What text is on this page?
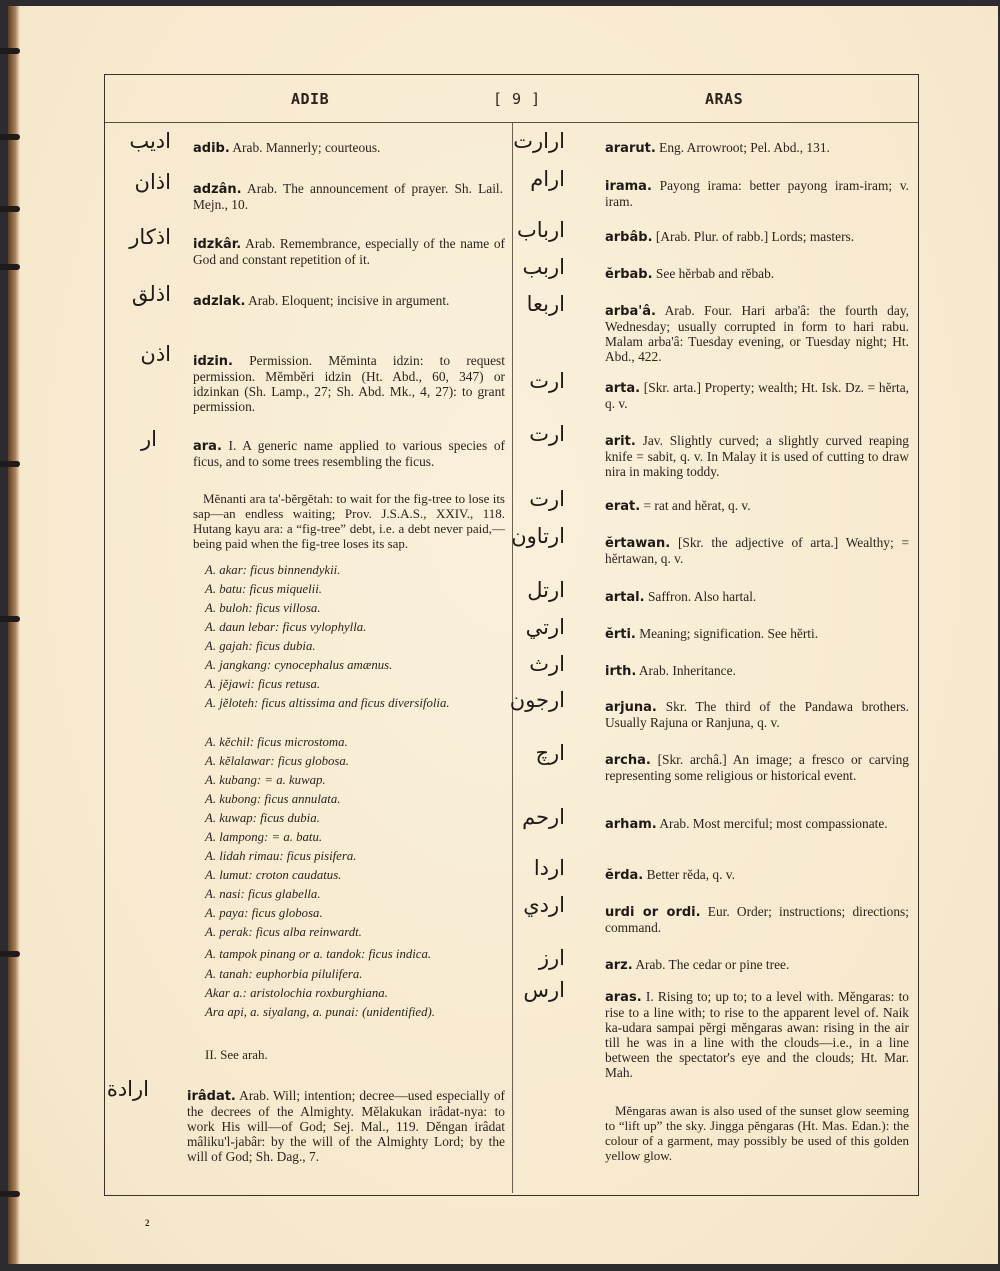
ADIB	[ 9 ]	ARAS
اديب adib. Arab. Mannerly; courteous.
اذان adzân. Arab. The announcement of prayer. Sh. Lail. Mejn., 10.
اذكار idzkâr. Arab. Remembrance, especially of the name of God and constant repetition of it.
اذلق adzlak. Arab. Eloquent; incisive in argument.
اذن idzin. Permission. Mĕminta idzin: to request permission. Mĕmbĕri idzin (Ht. Abd., 60, 347) or idzinkan (Sh. Lamp., 27; Sh. Abd. Mk., 4, 27): to grant permission.
ار	ara. I. A generic name applied to various species of ficus, and to some trees resembling the ficus.
Mĕnanti ara ta'-bĕrgĕtah: to wait for the fig-tree to lose its sap—an endless waiting; Prov. J.S.A.S., XXIV., 118. Hutang kayu ara: a “fig-tree” debt, i.e. a debt never paid,—being paid when the fig-tree loses its sap.
A. akar: ficus binnendykii.
A. batu: ficus miquelii.
A. buloh: ficus villosa.
A. daun lebar: ficus vylophylla.
A. gajah: ficus dubia.
A. jangkang: cynocephalus amænus.
A. jĕjawi: ficus retusa.
A. jĕloteh: ficus altissima and ficus diversifolia.
A. kĕchil: ficus microstoma.
A. kĕlalawar: ficus globosa.
A. kubang: = a. kuwap.
A. kubong: ficus annulata.
A. kuwap: ficus dubia.
A. lampong: = a. batu.
A. lidah rimau: ficus pisifera.
A. lumut: croton caudatus.
A. nasi: ficus glabella.
A. paya: ficus globosa.
A. perak: ficus alba reinwardt.
A. tampok pinang or a. tandok: ficus indica.
A. tanah: euphorbia pilulifera.
Akar a.: aristolochia roxburghiana.
Ara api, a. siyalang, a. punai: (unidentified).
II. See arah.
ارادة	irâdat. Arab. Will; intention; decree—used especially of the decrees of the Almighty. Mĕlakukan irâdat-nya: to work His will—of God; Sej. Mal., 119. Dĕngan irâdat mâliku'l-jabâr: by the will of the Almighty Lord; by the will of God; Sh. Dag., 7.
ارارت	ararut. Eng. Arrowroot; Pel. Abd., 131.
ارام	irama. Payong irama: better payong iram-iram; v. iram.
ارباب	arbâb. [Arab. Plur. of rabb.] Lords; masters.
اربب	ĕrbab. See hĕrbab and rĕbab.
اربعا	arba'â. Arab. Four. Hari arba'â: the fourth day, Wednesday; usually corrupted in form to hari rabu. Malam arba'â: Tuesday evening, or Tuesday night; Ht. Abd., 422.
ارت	arta. [Skr. arta.] Property; wealth; Ht. Isk. Dz. = hĕrta, q. v.
ارت	arit. Jav. Slightly curved; a slightly curved reaping knife = sabit, q. v. In Malay it is used of cutting to draw nira in making toddy.
ارت	erat. = rat and hĕrat, q. v.
ارتاون	ĕrtawan. [Skr. the adjective of arta.] Wealthy; = hĕrtawan, q. v.
ارتل	artal. Saffron. Also hartal.
ارتي	ĕrti. Meaning; signification. See hĕrti.
ارث	irth. Arab. Inheritance.
ارجون	arjuna. Skr. The third of the Pandawa brothers. Usually Rajuna or Ranjuna, q. v.
ارچ	archa. [Skr. archâ.] An image; a fresco or carving representing some religious or historical event.
ارحم	arham. Arab. Most merciful; most compassionate.
اردا	ĕrda. Better rĕda, q. v.
اردي	urdi or ordi. Eur. Order; instructions; directions; command.
ارز	arz. Arab. The cedar or pine tree.
ارس	aras. I. Rising to; up to; to a level with. Mĕngaras: to rise to a line with; to rise to the apparent level of. Naik ka-udara sampai pĕrgi mĕngaras awan: rising in the air till he was in a line with the clouds—i.e., in a line between the spectator's eye and the clouds; Ht. Mar. Mah.
Mĕngaras awan is also used of the sunset glow seeming to “lift up” the sky. Jingga pĕngaras (Ht. Mas. Edan.): the colour of a garment, may possibly be used of this golden yellow glow.
2
